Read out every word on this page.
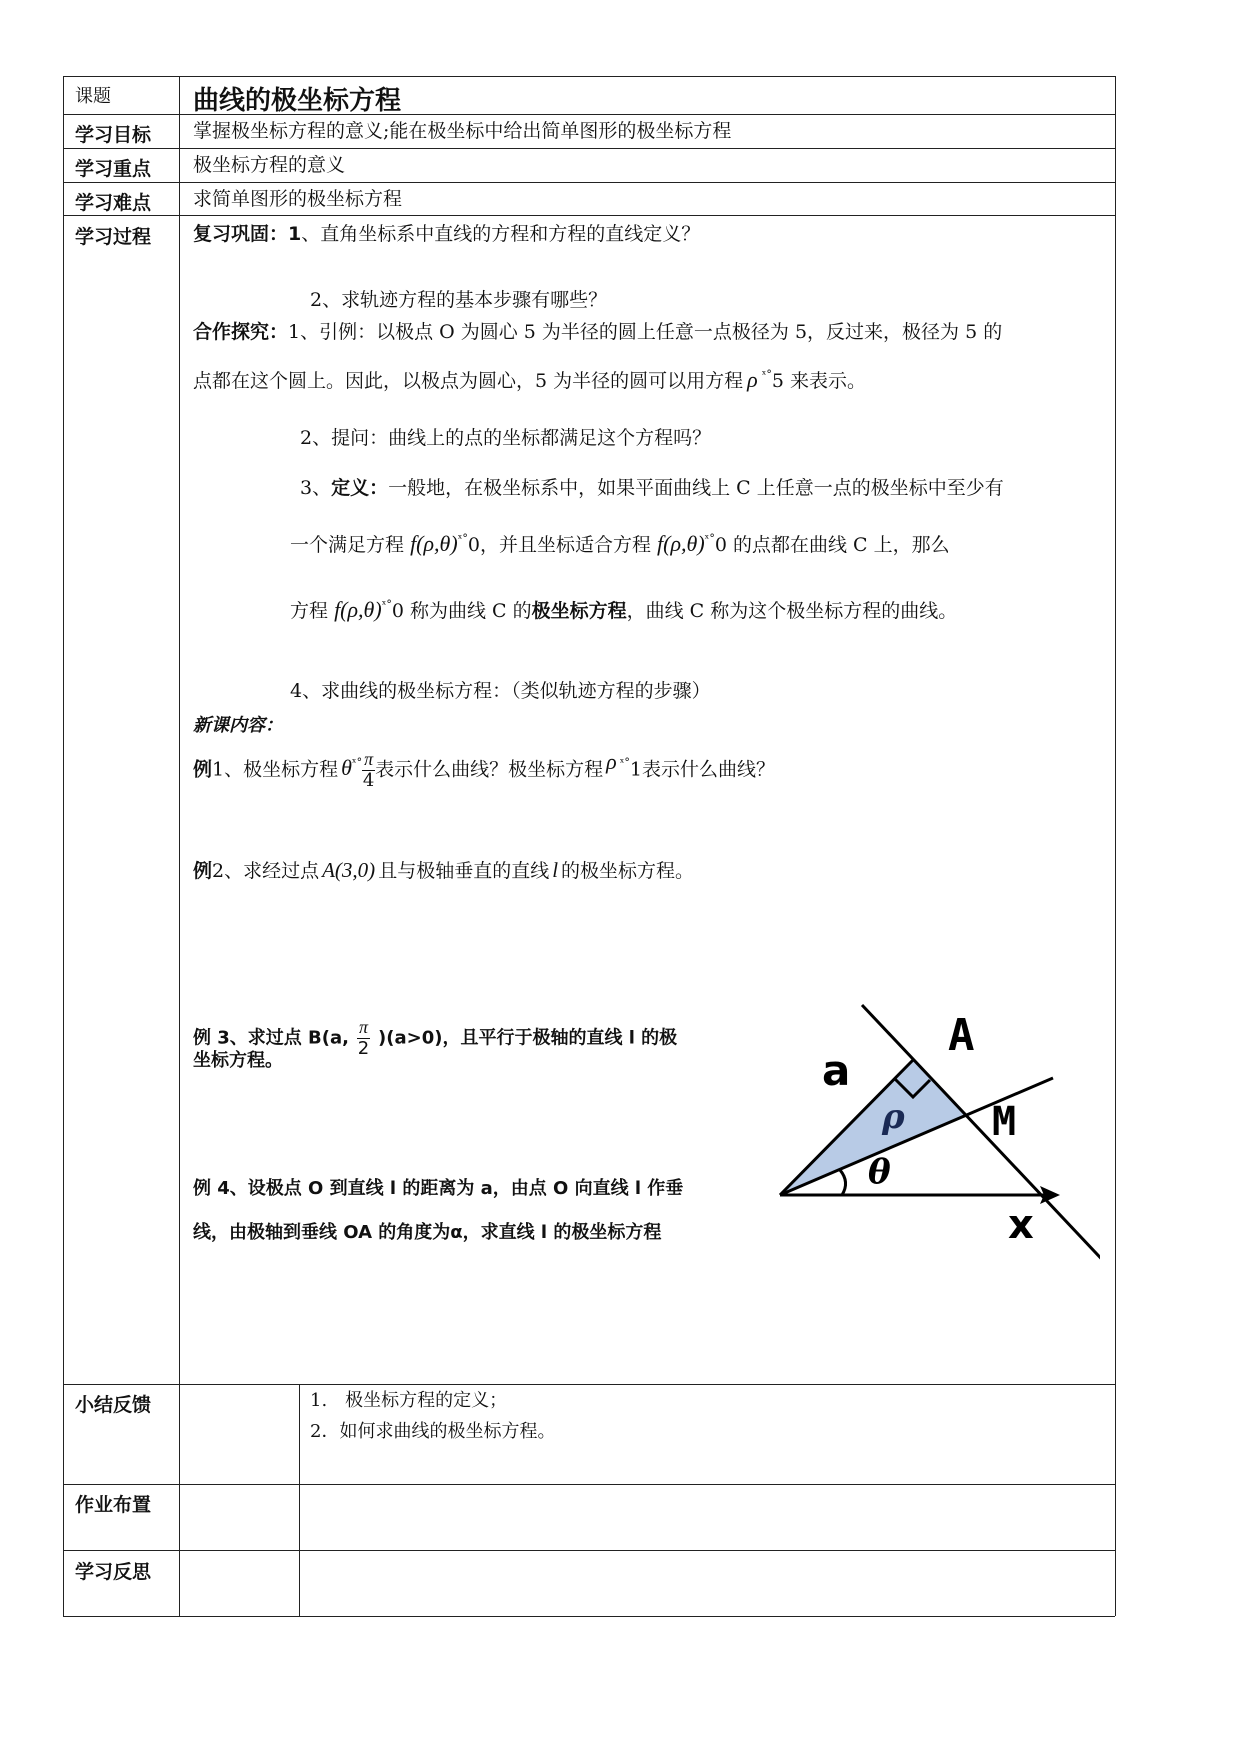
课题	曲线的极坐标方程
学习目标 掌握极坐标方程的意义;能在极坐标中给出简单图形的极坐标方程
学习重点 极坐标方程的意义
学习难点 求简单图形的极坐标方程
学习过程 复习巩固：1、直角坐标系中直线的方程和方程的直线定义？
2、求轨迹方程的基本步骤有哪些？
合作探究：1、引例：以极点 O 为圆心 5 为半径的圆上任意一点极径为 5，反过来，极径为 5 的
点都在这个圆上。因此，以极点为圆心，5 为半径的圆可以用方程 ρ $^{ˣ^\circ}$5 来表示。
2、提问：曲线上的点的坐标都满足这个方程吗？
3、定义：一般地，在极坐标系中，如果平面曲线上 C 上任意一点的极坐标中至少有
一个满足方程 $f(\rho,\theta)^{ˣ^\circ}0$，并且坐标适合方程 $f(\rho,\theta)^{ˣ^\circ}0$ 的点都在曲线 C 上，那么
方程 $f(\rho,\theta)^{ˣ^\circ}0$ 称为曲线 C 的极坐标方程，曲线 C 称为这个极坐标方程的曲线。
4、求曲线的极坐标方程：（类似轨迹方程的步骤）
新课内容：
例1、极坐标方程 $\theta^{ˣ^\circ} \frac{\pi}{4}$ 表示什么曲线？极坐标方程 ρ $^{ˣ^\circ}$1表示什么曲线？
例2、求经过点 A(3,0) 且与极轴垂直的直线 l 的极坐标方程。
例 3、求过点 B(a, $\frac{\pi}{2} )(a>0)$，且平行于极轴的直线 l 的极
坐标方程。
例 4、设极点 O 到直线 l 的距离为 a，由点 O 向直线 l 作垂
线，由极轴到垂线 OA 的角度为α，求直线 l 的极坐标方程
a
A
M
ρ
θ
x
小结反馈	1.　极坐标方程的定义；
2．如何求曲线的极坐标方程。
作业布置
学习反思
